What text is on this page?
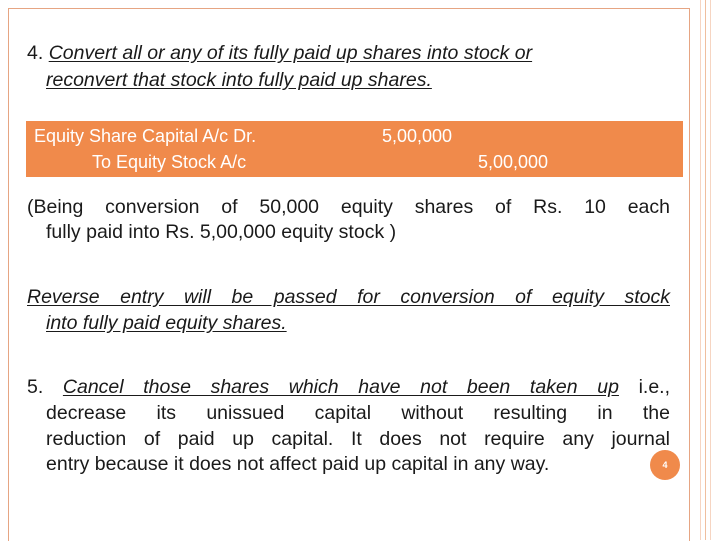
4. Convert all or any of its fully paid up shares into stock or
reconvert that stock into fully paid up shares.
Equity Share Capital A/c Dr.	5,00,000
To Equity Stock A/c	5,00,000
(Being conversion of 50,000 equity shares of Rs. 10 each
fully paid into Rs. 5,00,000 equity stock )
Reverse entry will be passed for conversion of equity stock
into fully paid equity shares.
5. Cancel those shares which have not been taken up i.e.,
decrease its unissued capital without resulting in the
reduction of paid up capital. It does not require any journal
entry because it does not affect paid up capital in any way.	4
